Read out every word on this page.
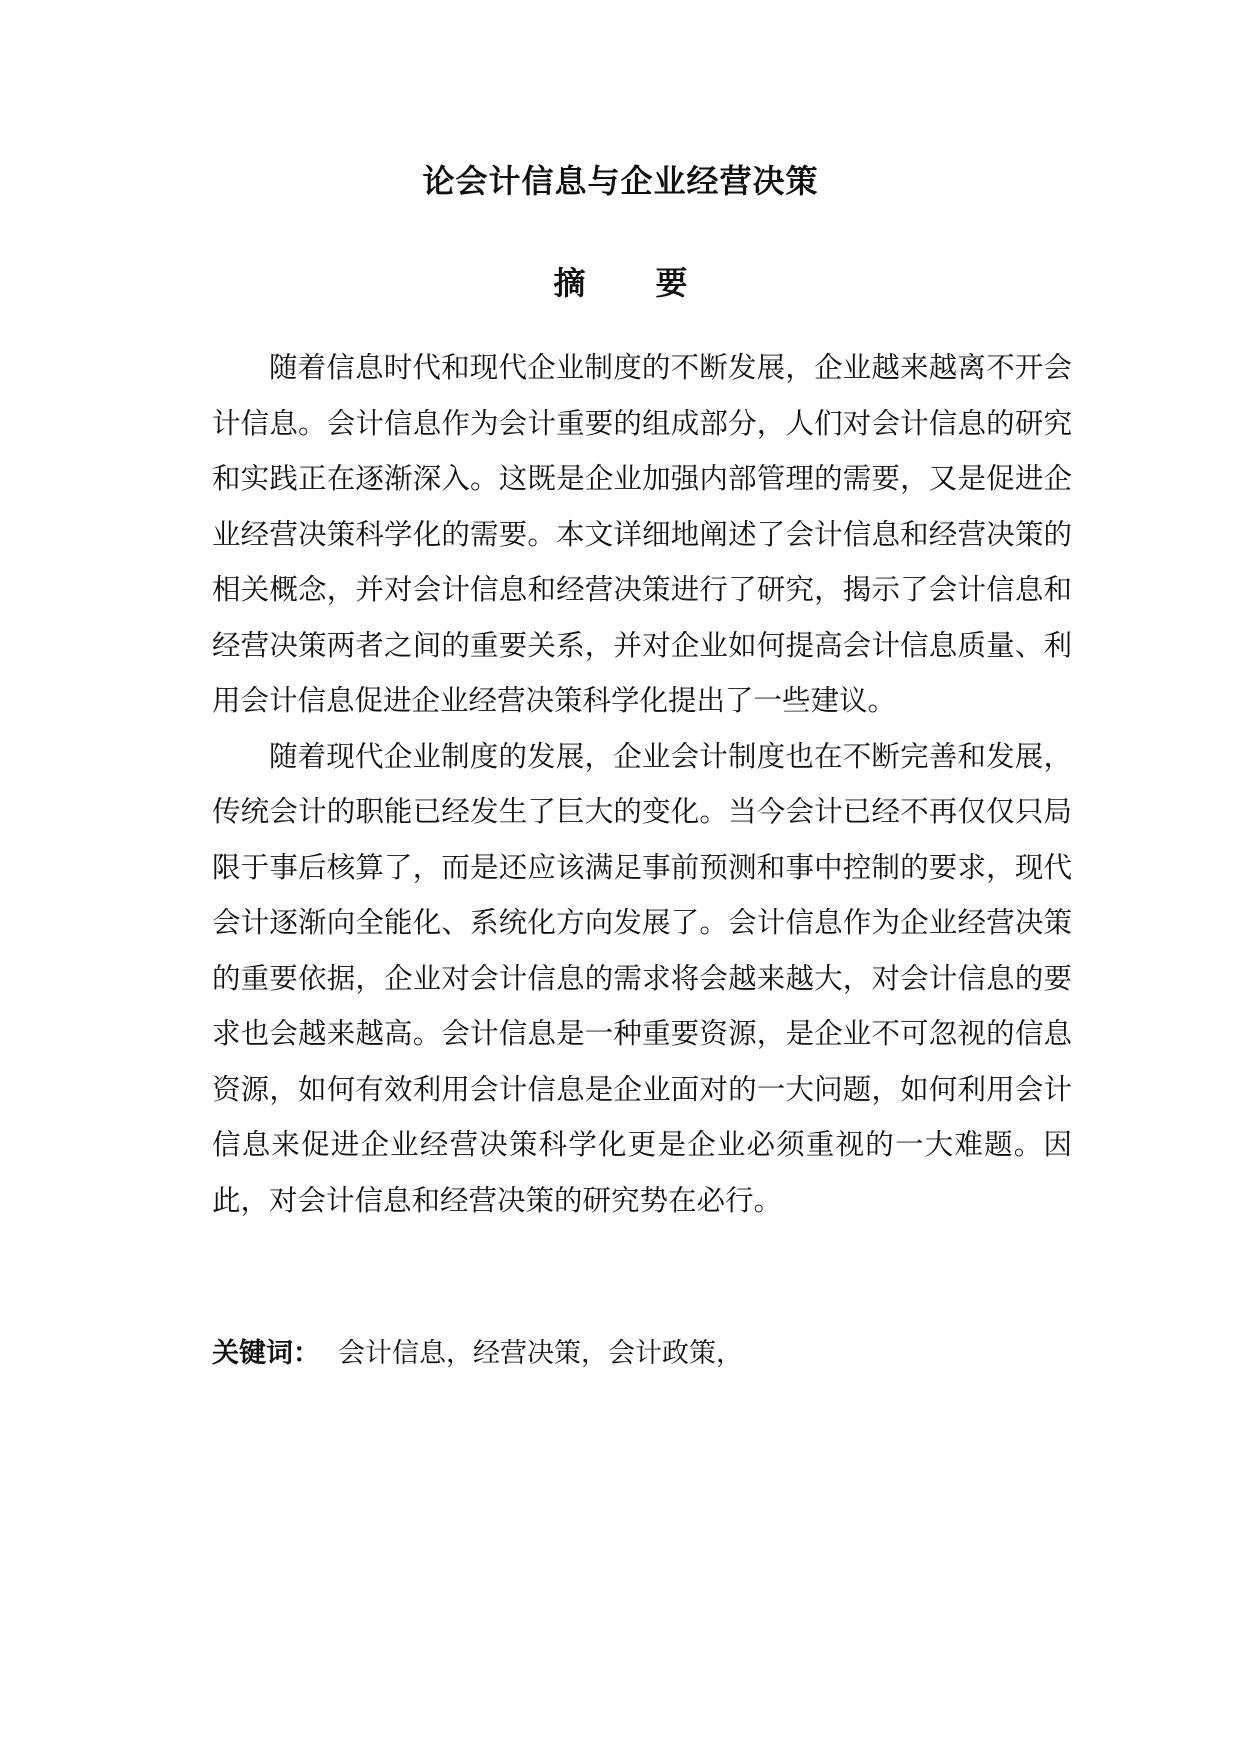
论会计信息与企业经营决策
摘 要

随着信息时代和现代企业制度的不断发展，企业越来越离不开会计信息。会计信息作为会计重要的组成部分，人们对会计信息的研究和实践正在逐渐深入。这既是企业加强内部管理的需要，又是促进企业经营决策科学化的需要。本文详细地阐述了会计信息和经营决策的相关概念，并对会计信息和经营决策进行了研究，揭示了会计信息和经营决策两者之间的重要关系，并对企业如何提高会计信息质量、利用会计信息促进企业经营决策科学化提出了一些建议。

随着现代企业制度的发展，企业会计制度也在不断完善和发展，传统会计的职能已经发生了巨大的变化。当今会计已经不再仅仅只局限于事后核算了，而是还应该满足事前预测和事中控制的要求，现代会计逐渐向全能化、系统化方向发展了。会计信息作为企业经营决策的重要依据，企业对会计信息的需求将会越来越大，对会计信息的要求也会越来越高。会计信息是一种重要资源，是企业不可忽视的信息资源，如何有效利用会计信息是企业面对的一大问题，如何利用会计信息来促进企业经营决策科学化更是企业必须重视的一大难题。因此，对会计信息和经营决策的研究势在必行。

关键词： 会计信息，经营决策，会计政策，
